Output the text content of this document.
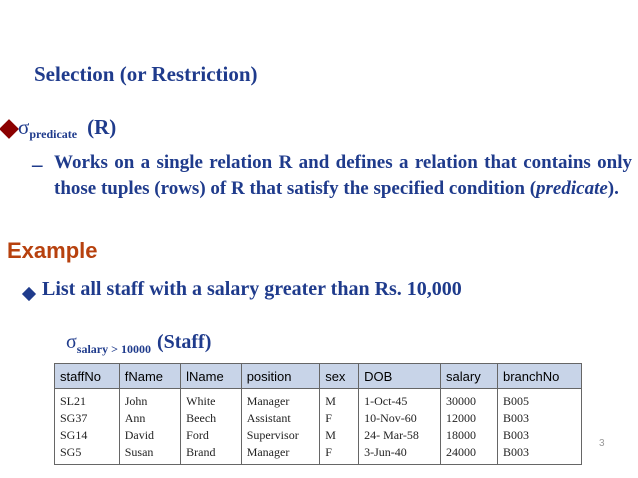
Selection (or Restriction)
$\sigma_{predicate}$ (R)
– Works on a single relation R and defines a relation that contains only those tuples (rows) of R that satisfy the specified condition (predicate).
Example
List all staff with a salary greater than Rs. 10,000
$\sigma_{salary > 10000}$ (Staff)
staffNo	fName	lName	position	sex	DOB	salary	branchNo
SL21	John	White	Manager	M	1-Oct-45	30000	B005
SG37	Ann	Beech	Assistant	F	10-Nov-60	12000	B003
SG14	David	Ford	Supervisor	M	24- Mar-58	18000	B003
SG5	Susan	Brand	Manager	F	3-Jun-40	24000	B003
3
